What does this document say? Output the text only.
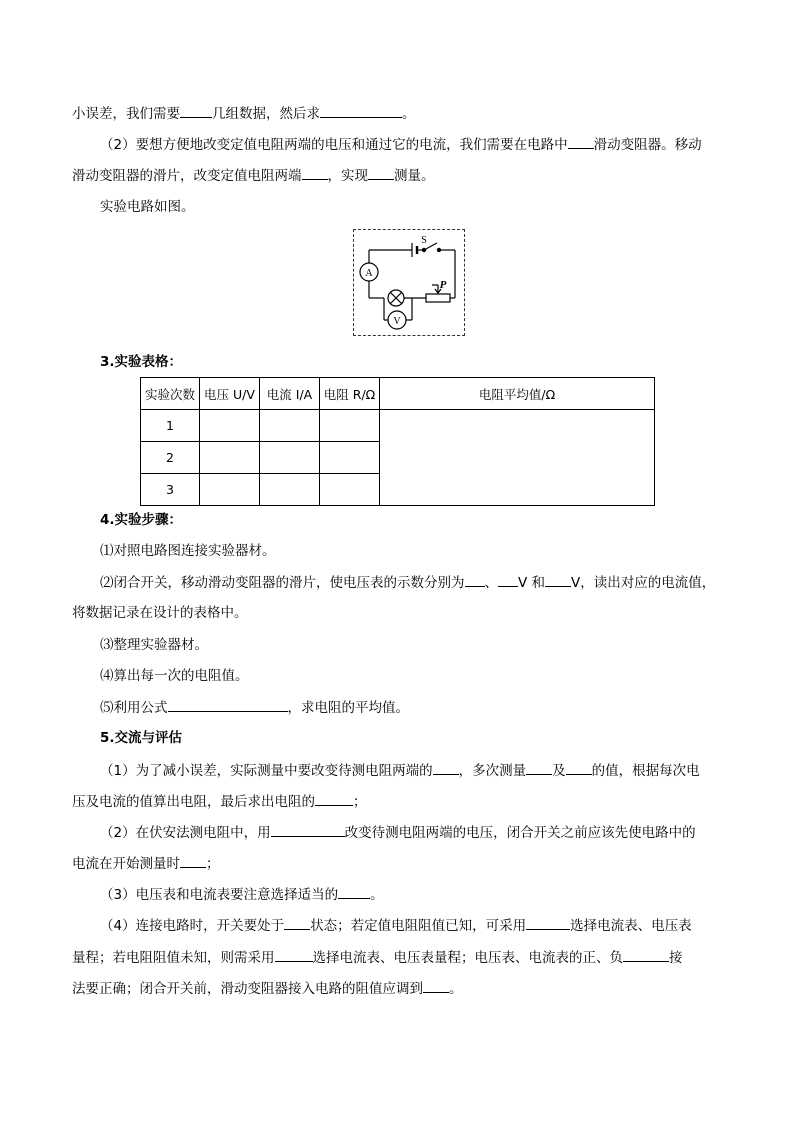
小误差，我们需要 几组数据，然后求	。
（2）要想方便地改变定值电阻两端的电压和通过它的电流，我们需要在电路中 滑动变阻器。移动
滑动变阻器的滑片，改变定值电阻两端 ，实现 测量。
实验电路如图。
A
V
S
P
3.实验表格：
实验次数	电压 U/V	电流 I/A	电阻 R/Ω	电阻平均值/Ω
1				
2				
3				
4.实验步骤：
⑴对照电路图连接实验器材。
⑵闭合开关，移动滑动变阻器的滑片，使电压表的示数分别为 、 V 和 V，读出对应的电流值，
将数据记录在设计的表格中。
⑶整理实验器材。
⑷算出每一次的电阻值。
⑸利用公式	，求电阻的平均值。
5.交流与评估
（1）为了减小误差，实际测量中要改变待测电阻两端的 ，多次测量 及 的值，根据每次电
压及电流的值算出电阻，最后求出电阻的	；
（2）在伏安法测电阻中，用	改变待测电阻两端的电压，闭合开关之前应该先使电路中的
电流在开始测量时 ；
（3）电压表和电流表要注意选择适当的 。
（4）连接电路时，开关要处于 状态；若定值电阻阻值已知，可采用	选择电流表、电压表
量程；若电阻阻值未知，则需采用	选择电流表、电压表量程；电压表、电流表的正、负	接
法要正确；闭合开关前，滑动变阻器接入电路的阻值应调到 。
